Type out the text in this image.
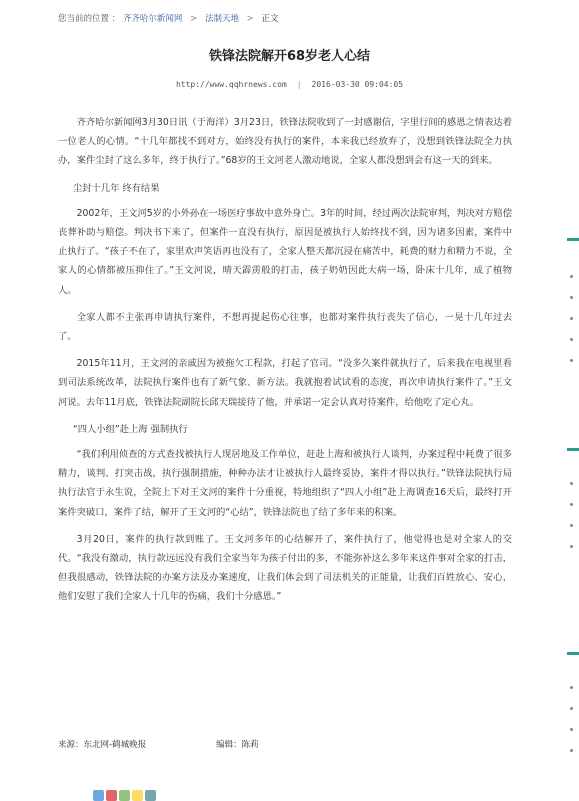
您当前的位置 ： 齐齐哈尔新闻网 > 法制天地 > 正文
铁锋法院解开68岁老人心结
http://www.qqhrnews.com | 2016-03-30 09:04:05

齐齐哈尔新闻网3月30日讯（于海洋）3月23日，铁锋法院收到了一封感谢信，字里行间的感恩之情表达着一位老人的心情。“十几年都找不到对方，始终没有执行的案件，本来我已经放弃了，没想到铁锋法院全力执办，案件尘封了这么多年，终于执行了。”68岁的王文河老人激动地说，全家人都没想到会有这一天的到来。

尘封十几年 终有结果

2002年，王文河5岁的小外孙在一场医疗事故中意外身亡。3年的时间，经过两次法院审判，判决对方赔偿丧葬补助与赔偿。判决书下来了，但案件一直没有执行，原因是被执行人始终找不到，因为诸多因素，案件中止执行了。“孩子不在了，家里欢声笑语再也没有了，全家人整天都沉浸在痛苦中，耗费的财力和精力不说，全家人的心情都被压抑住了。”王文河说，晴天霹雳般的打击，孩子奶奶因此大病一场，卧床十几年，成了植物人。

全家人都不主张再申请执行案件，不想再提起伤心往事，也都对案件执行丧失了信心，一晃十几年过去了。

2015年11月，王文河的亲戚因为被拖欠工程款，打起了官司。“没多久案件就执行了，后来我在电视里看到司法系统改革，法院执行案件也有了新气象、新方法。我就抱着试试看的态度，再次申请执行案件了。”王文河说。去年11月底，铁锋法院副院长邱天瑞接待了他，并承诺一定会认真对待案件，给他吃了定心丸。

“四人小组”赴上海 强制执行

“我们利用侦查的方式查找被执行人现居地及工作单位，赶赴上海和被执行人谈判，办案过程中耗费了很多精力，谈判、打突击战，执行强制措施，种种办法才让被执行人最终妥协，案件才得以执行。”铁锋法院执行局执行法官于永生说，全院上下对王文河的案件十分重视，特地组织了“四人小组”赴上海调查16天后，最终打开案件突破口，案件了结，解开了王文河的“心结”，铁锋法院也了结了多年来的积案。

3月20日，案件的执行款到账了。王文河多年的心结解开了，案件执行了，他觉得也是对全家人的交代。“我没有激动，执行款远远没有我们全家当年为孩子付出的多，不能弥补这么多年来这件事对全家的打击，但我很感动，铁锋法院的办案方法及办案速度，让我们体会到了司法机关的正能量，让我们百姓放心、安心，他们安慰了我们全家人十几年的伤痛，我们十分感恩。”

来源：东北网-鹤城晚报	编辑：陈莉
